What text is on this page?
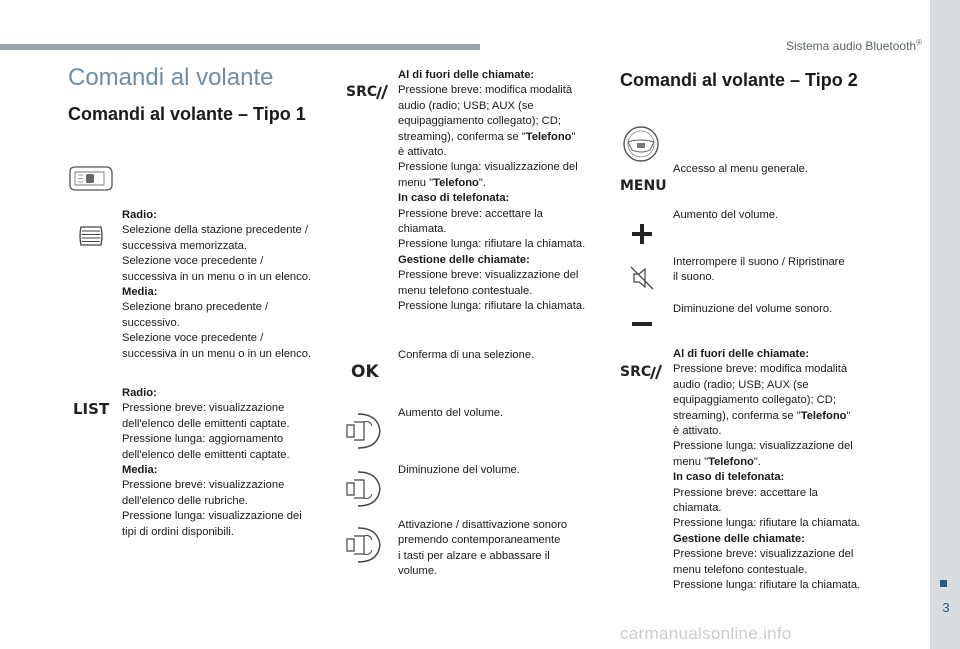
Sistema audio Bluetooth®
3
carmanualsonline.info
Comandi al volante
Comandi al volante – Tipo 1

Radio:

Selezione della stazione precedente /

successiva memorizzata.

Selezione voce precedente /

successiva in un menu o in un elenco.

Media:

Selezione brano precedente /

successivo.

Selezione voce precedente /

successiva in un menu o in un elenco.

LIST

Radio:

Pressione breve: visualizzazione

dell'elenco delle emittenti captate.

Pressione lunga: aggiornamento

dell'elenco delle emittenti captate.

Media:

Pressione breve: visualizzazione

dell'elenco delle rubriche.

Pressione lunga: visualizzazione dei

tipi di ordini disponibili.

SRC

Al di fuori delle chiamate:

Pressione breve: modifica modalità

audio (radio; USB; AUX (se

equipaggiamento collegato); CD;

streaming), conferma se "Telefono"

è attivato.

Pressione lunga: visualizzazione del

menu "Telefono".

In caso di telefonata:

Pressione breve: accettare la

chiamata.

Pressione lunga: rifiutare la chiamata.

Gestione delle chiamate:

Pressione breve: visualizzazione del

menu telefono contestuale.

Pressione lunga: rifiutare la chiamata.

OK
Conferma di una selezione.
Aumento del volume.
Diminuzione del volume.

Attivazione / disattivazione sonoro

premendo contemporaneamente

i tasti per alzare e abbassare il

volume.

Comandi al volante – Tipo 2
MENU
Accesso al menu generale.
Aumento del volume.

Interrompere il suono / Ripristinare

il suono.

Diminuzione del volume sonoro.
SRC

Al di fuori delle chiamate:

Pressione breve: modifica modalità

audio (radio; USB; AUX (se

equipaggiamento collegato); CD;

streaming), conferma se "Telefono"

è attivato.

Pressione lunga: visualizzazione del

menu "Telefono".

In caso di telefonata:

Pressione breve: accettare la

chiamata.

Pressione lunga: rifiutare la chiamata.

Gestione delle chiamate:

Pressione breve: visualizzazione del

menu telefono contestuale.

Pressione lunga: rifiutare la chiamata.
